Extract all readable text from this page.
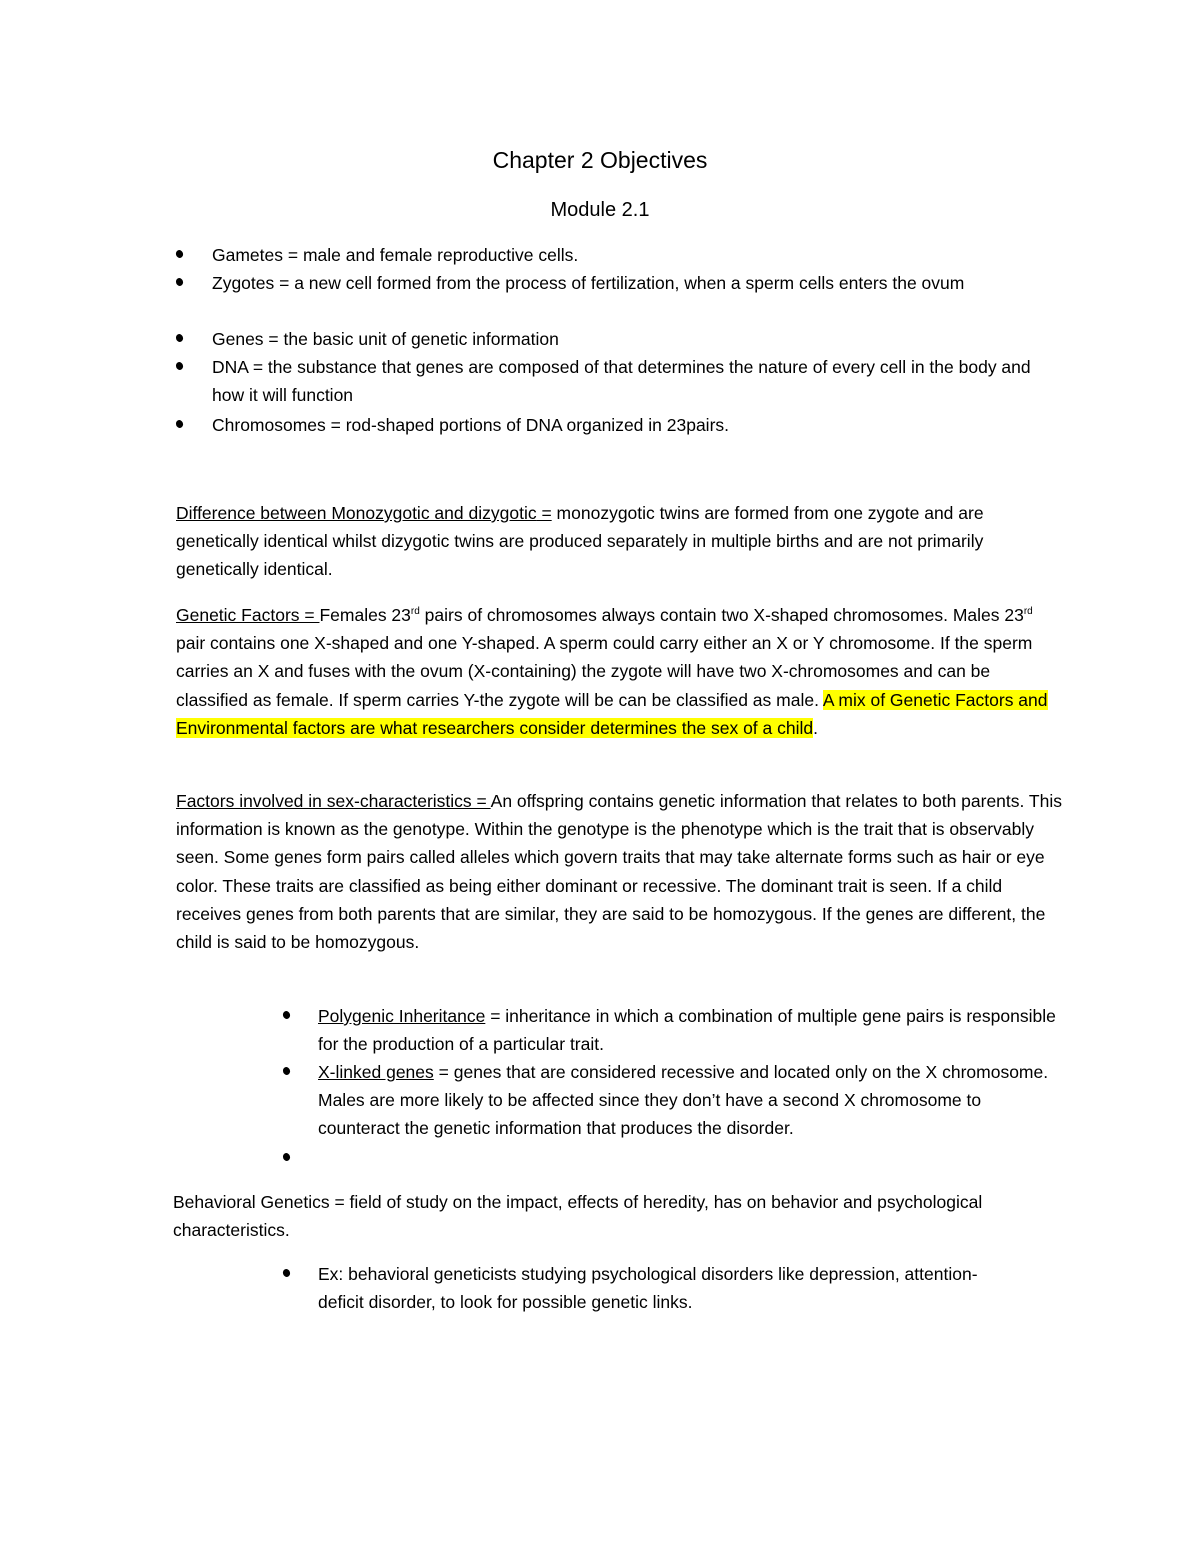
Chapter 2 Objectives
Module 2.1
Gametes = male and female reproductive cells.
Zygotes = a new cell formed from the process of fertilization, when a sperm cells enters the ovum
Genes = the basic unit of genetic information
DNA = the substance that genes are composed of that determines the nature of every cell in the body and how it will function
Chromosomes = rod-shaped portions of DNA organized in 23pairs.
Difference between Monozygotic and dizygotic = monozygotic twins are formed from one zygote and are genetically identical whilst dizygotic twins are produced separately in multiple births and are not primarily genetically identical.
Genetic Factors = Females 23rd pairs of chromosomes always contain two X-shaped chromosomes. Males 23rd pair contains one X-shaped and one Y-shaped. A sperm could carry either an X or Y chromosome. If the sperm carries an X and fuses with the ovum (X-containing) the zygote will have two X-chromosomes and can be classified as female. If sperm carries Y-the zygote will be can be classified as male. A mix of Genetic Factors and Environmental factors are what researchers consider determines the sex of a child.
Factors involved in sex-characteristics = An offspring contains genetic information that relates to both parents. This information is known as the genotype. Within the genotype is the phenotype which is the trait that is observably seen. Some genes form pairs called alleles which govern traits that may take alternate forms such as hair or eye color. These traits are classified as being either dominant or recessive. The dominant trait is seen. If a child receives genes from both parents that are similar, they are said to be homozygous. If the genes are different, the child is said to be homozygous.
Polygenic Inheritance = inheritance in which a combination of multiple gene pairs is responsible for the production of a particular trait.
X-linked genes = genes that are considered recessive and located only on the X chromosome. Males are more likely to be affected since they don’t have a second X chromosome to counteract the genetic information that produces the disorder.
Behavioral Genetics = field of study on the impact, effects of heredity, has on behavior and psychological characteristics.
Ex: behavioral geneticists studying psychological disorders like depression, attention-deficit disorder, to look for possible genetic links.
